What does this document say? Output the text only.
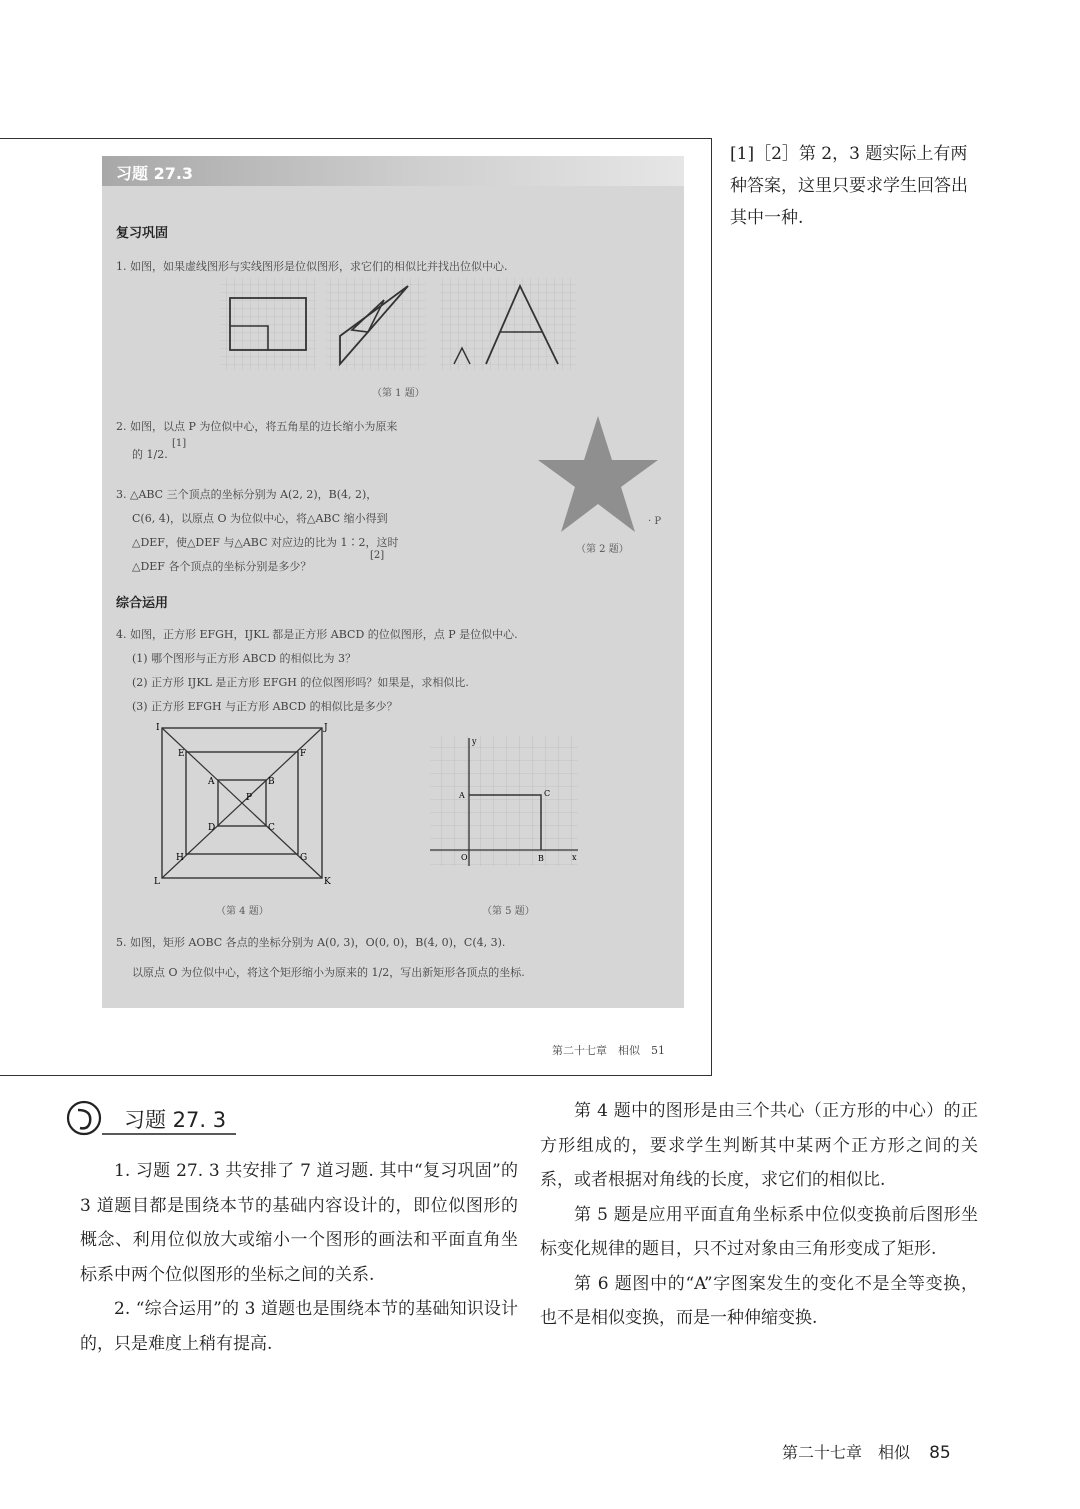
习题 27.3

复习巩固

1. 如图，如果虚线图形与实线图形是位似图形，求它们的相似比并找出位似中心.

（第 1 题）

2. 如图，以点 P 为位似中心，将五角星的边长缩小为原来

的 1/2.

[1]

3. △ABC 三个顶点的坐标分别为 A(2, 2)，B(4, 2)，

C(6, 4)，以原点 O 为位似中心，将△ABC 缩小得到

△DEF，使△DEF 与△ABC 对应边的比为 1∶2，这时

△DEF 各个顶点的坐标分别是多少？

[2]

· P

（第 2 题）

综合运用

4. 如图，正方形 EFGH，IJKL 都是正方形 ABCD 的位似图形，点 P 是位似中心.

(1) 哪个图形与正方形 ABCD 的相似比为 3？

(2) 正方形 IJKL 是正方形 EFGH 的位似图形吗？如果是，求相似比.

(3) 正方形 EFGH 与正方形 ABCD 的相似比是多少？

I	J
L	K
E	F
H	G
A	B
D	C
P

（第 4 题）

O
A	C
B
y
x

（第 5 题）

5. 如图，矩形 AOBC 各点的坐标分别为 A(0, 3)，O(0, 0)，B(4, 0)，C(4, 3).

以原点 O 为位似中心，将这个矩形缩小为原来的 1/2，写出新矩形各顶点的坐标.

第二十七章　相似　51
[1]［2］第 2，3 题实际上有两种答案，这里只要求学生回答出其中一种.
习题 27. 3

1. 习题 27. 3 共安排了 7 道习题. 其中“复习巩固”的 3 道题目都是围绕本节的基础内容设计的，即位似图形的概念、利用位似放大或缩小一个图形的画法和平面直角坐标系中两个位似图形的坐标之间的关系.

2. “综合运用”的 3 道题也是围绕本节的基础知识设计的，只是难度上稍有提高.

第 4 题中的图形是由三个共心（正方形的中心）的正方形组成的，要求学生判断其中某两个正方形之间的关系，或者根据对角线的长度，求它们的相似比.

第 5 题是应用平面直角坐标系中位似变换前后图形坐标变化规律的题目，只不过对象由三角形变成了矩形.

第 6 题图中的“A”字图案发生的变化不是全等变换，也不是相似变换，而是一种伸缩变换.

第二十七章　相似 85
